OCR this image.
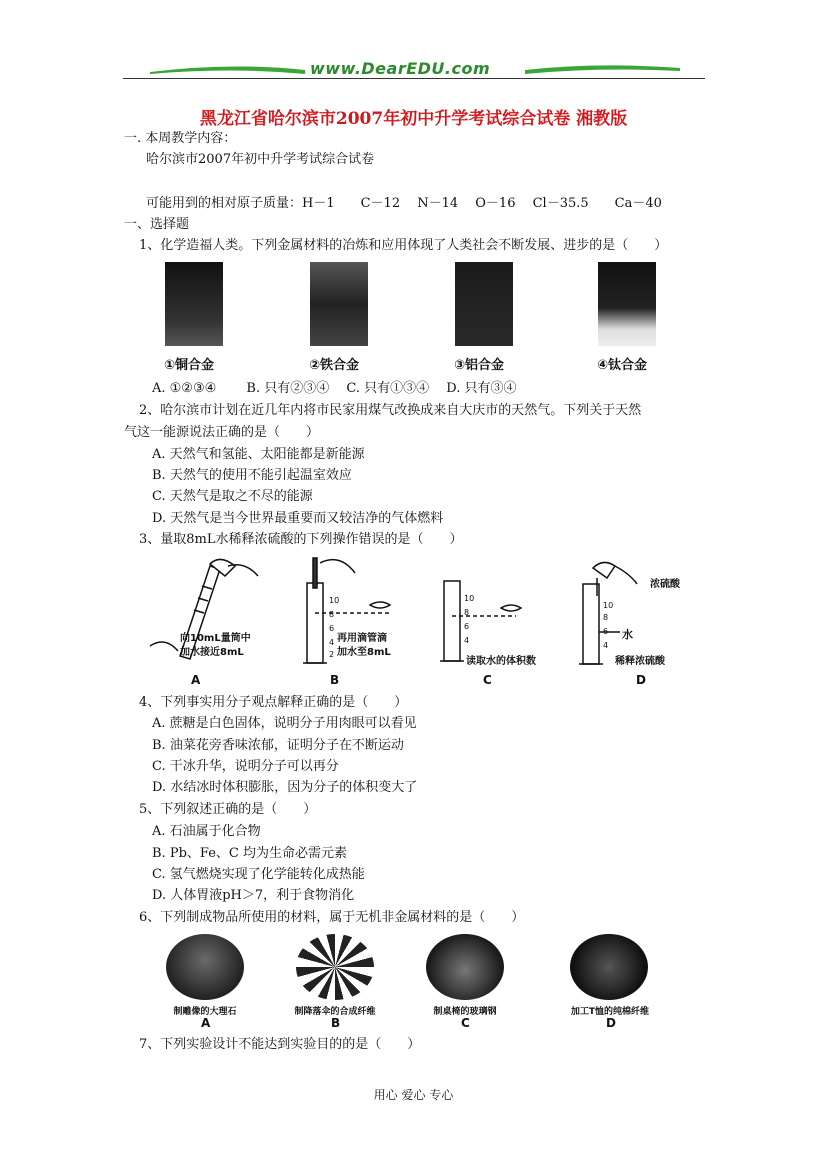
www.DearEDU.com
黑龙江省哈尔滨市2007年初中升学考试综合试卷 湘教版
一. 本周教学内容：
哈尔滨市2007年初中升学考试综合试卷
可能用到的相对原子质量：H－1　　C－12　 N－14　 O－16　 Cl－35.5　　Ca－40
一、选择题
1、化学造福人类。下列金属材料的冶炼和应用体现了人类社会不断发展、进步的是（　　）
①铜合金	②铁合金	③铝合金	④钛合金
A. ①②③④　　 B. 只有②③④　 C. 只有①③④　 D. 只有③④
2、哈尔滨市计划在近几年内将市民家用煤气改换成来自大庆市的天然气。下列关于天然
气这一能源说法正确的是（　　）
A. 天然气和氢能、太阳能都是新能源
B. 天然气的使用不能引起温室效应
C. 天然气是取之不尽的能源
D. 天然气是当今世界最重要而又较洁净的气体燃料
3、量取8mL水稀释浓硫酸的下列操作错误的是（　　）
向10mL量筒中
加水接近8mL
10
8
6
4
2
再用滴管滴
加水至8mL
10
8
6
4
读取水的体积数
10
8
6
4
浓硫酸
水
稀释浓硫酸
A	B	C	D
4、下列事实用分子观点解释正确的是（　　）
A. 蔗糖是白色固体，说明分子用肉眼可以看见
B. 油菜花旁香味浓郁，证明分子在不断运动
C. 干冰升华，说明分子可以再分
D. 水结冰时体积膨胀，因为分子的体积变大了
5、下列叙述正确的是（　　）
A. 石油属于化合物
B. Pb、Fe、C 均为生命必需元素
C. 氢气燃烧实现了化学能转化成热能
D. 人体胃液pH＞7，利于食物消化
6、下列制成物品所使用的材料，属于无机非金属材料的是（　　）
制雕像的大理石	制降落伞的合成纤维	制桌椅的玻璃钢	加工T恤的纯棉纤维
A	B	C	D
7、下列实验设计不能达到实验目的的是（　　）
用心 爱心 专心
